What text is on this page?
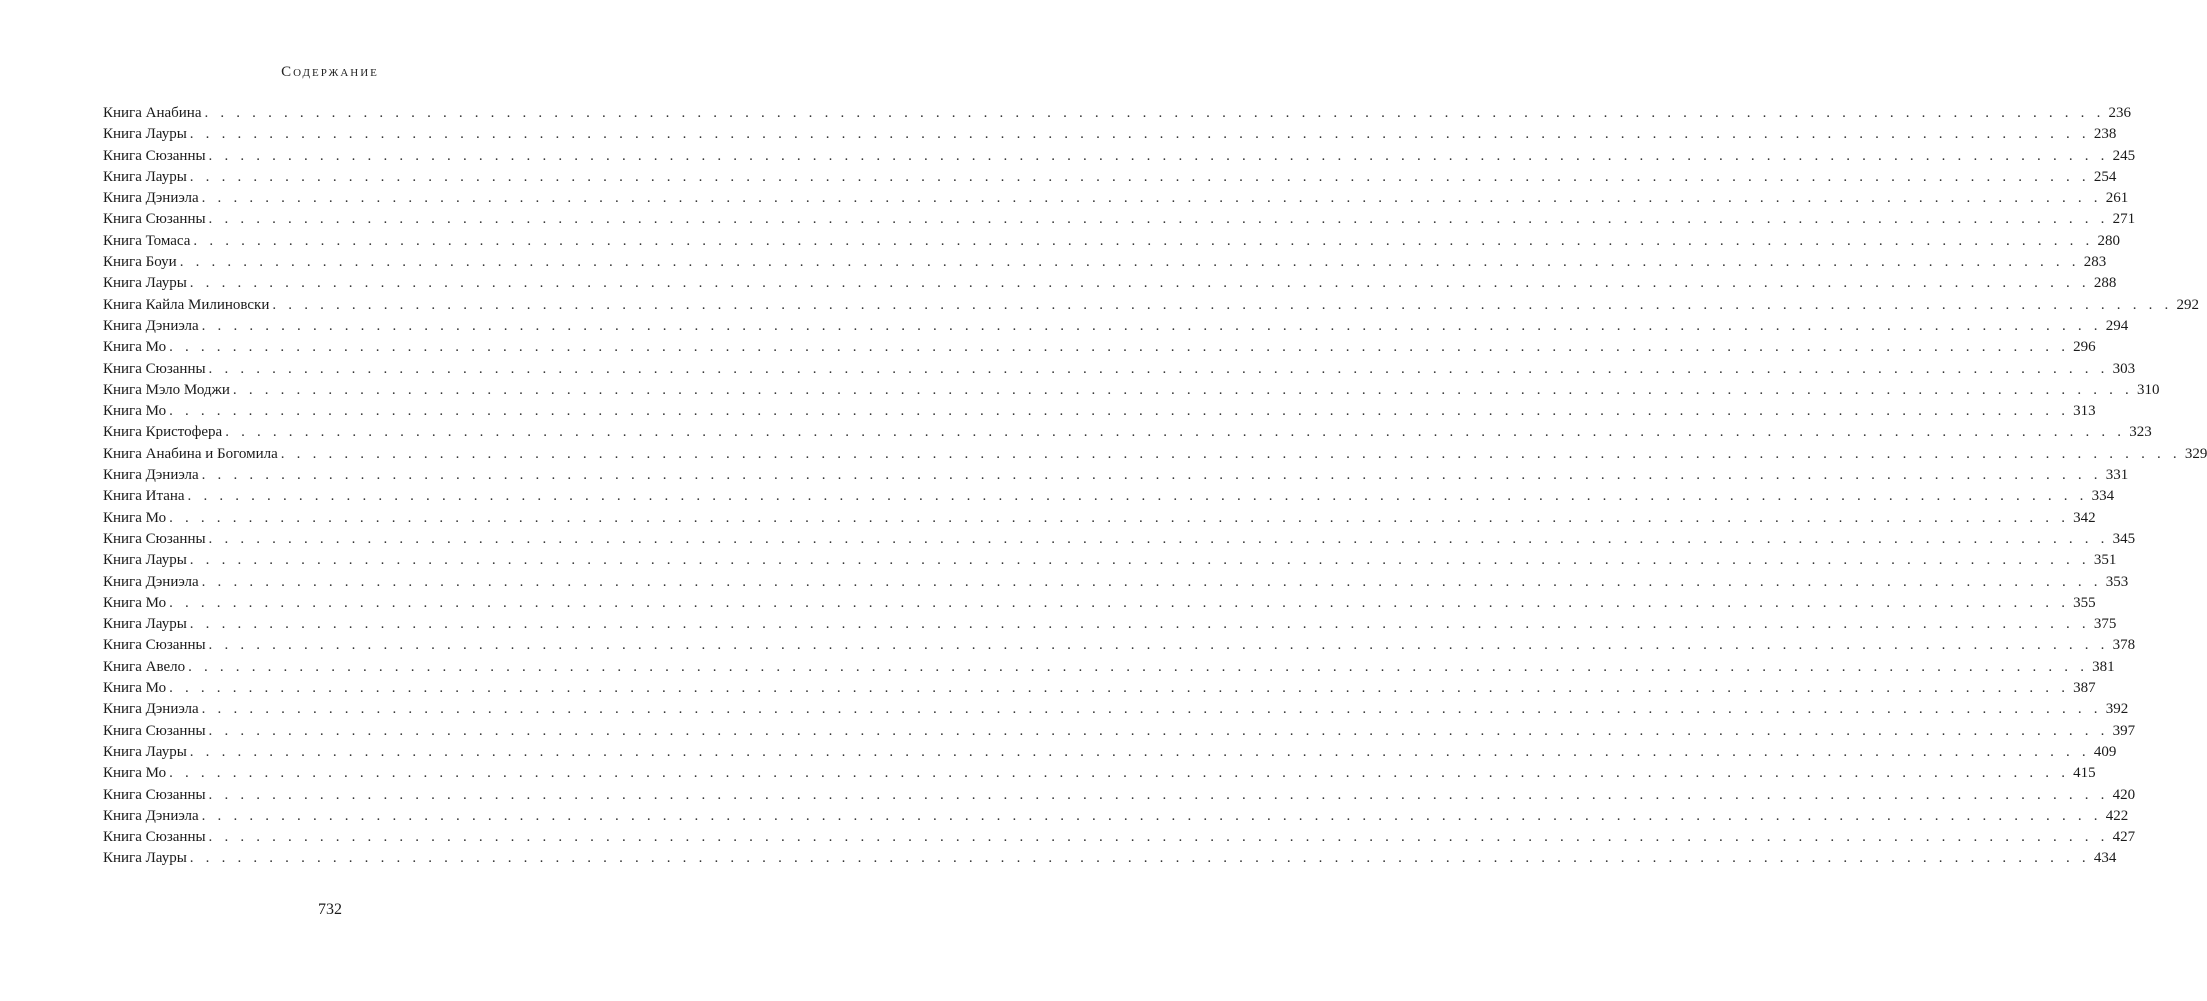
Содержание
Книга Анабина . . . . . . . . . . . . . . . . . . . . . . . . . . . . . . . . . . . . . . . . . . . . . . . . . . . . . . . . . . . . . . . . . . . . . . . . . . . . . . . . . . . . . . . . . . . . . . . . . . . . . . . . . . . . . . . . . . . . . . . . 236
Книга Лауры . . . . . . . . . . . . . . . . . . . . . . . . . . . . . . . . . . . . . . . . . . . . . . . . . . . . . . . . . . . . . . . . . . . . . . . . . . . . . . . . . . . . . . . . . . . . . . . . . . . . . . . . . . . . . . . . . . . . . . . . 238
Книга Сюзанны . . . . . . . . . . . . . . . . . . . . . . . . . . . . . . . . . . . . . . . . . . . . . . . . . . . . . . . . . . . . . . . . . . . . . . . . . . . . . . . . . . . . . . . . . . . . . . . . . . . . . . . . . . . . . . . . . . . . . . . . 245
Книга Лауры . . . . . . . . . . . . . . . . . . . . . . . . . . . . . . . . . . . . . . . . . . . . . . . . . . . . . . . . . . . . . . . . . . . . . . . . . . . . . . . . . . . . . . . . . . . . . . . . . . . . . . . . . . . . . . . . . . . . . . . . 254
Книга Дэниэла . . . . . . . . . . . . . . . . . . . . . . . . . . . . . . . . . . . . . . . . . . . . . . . . . . . . . . . . . . . . . . . . . . . . . . . . . . . . . . . . . . . . . . . . . . . . . . . . . . . . . . . . . . . . . . . . . . . . . . . . 261
Книга Сюзанны . . . . . . . . . . . . . . . . . . . . . . . . . . . . . . . . . . . . . . . . . . . . . . . . . . . . . . . . . . . . . . . . . . . . . . . . . . . . . . . . . . . . . . . . . . . . . . . . . . . . . . . . . . . . . . . . . . . . . . . . 271
Книга Томаса . . . . . . . . . . . . . . . . . . . . . . . . . . . . . . . . . . . . . . . . . . . . . . . . . . . . . . . . . . . . . . . . . . . . . . . . . . . . . . . . . . . . . . . . . . . . . . . . . . . . . . . . . . . . . . . . . . . . . . . . 280
Книга Боуи . . . . . . . . . . . . . . . . . . . . . . . . . . . . . . . . . . . . . . . . . . . . . . . . . . . . . . . . . . . . . . . . . . . . . . . . . . . . . . . . . . . . . . . . . . . . . . . . . . . . . . . . . . . . . . . . . . . . . . . . 283
Книга Лауры . . . . . . . . . . . . . . . . . . . . . . . . . . . . . . . . . . . . . . . . . . . . . . . . . . . . . . . . . . . . . . . . . . . . . . . . . . . . . . . . . . . . . . . . . . . . . . . . . . . . . . . . . . . . . . . . . . . . . . . . 288
Книга Кайла Милиновски . . . . . . . . . . . . . . . . . . . . . . . . . . . . . . . . . . . . . . . . . . . . . . . . . . . . . . . . . . . . . . . . . . . . . . . . . . . . . . . . . . . . . . . . . . . . . . . . . . . . . . . . . . . . . . . . . . . . . . . . 292
Книга Дэниэла . . . . . . . . . . . . . . . . . . . . . . . . . . . . . . . . . . . . . . . . . . . . . . . . . . . . . . . . . . . . . . . . . . . . . . . . . . . . . . . . . . . . . . . . . . . . . . . . . . . . . . . . . . . . . . . . . . . . . . . . 294
Книга Мо . . . . . . . . . . . . . . . . . . . . . . . . . . . . . . . . . . . . . . . . . . . . . . . . . . . . . . . . . . . . . . . . . . . . . . . . . . . . . . . . . . . . . . . . . . . . . . . . . . . . . . . . . . . . . . . . . . . . . . . . 296
Книга Сюзанны . . . . . . . . . . . . . . . . . . . . . . . . . . . . . . . . . . . . . . . . . . . . . . . . . . . . . . . . . . . . . . . . . . . . . . . . . . . . . . . . . . . . . . . . . . . . . . . . . . . . . . . . . . . . . . . . . . . . . . . . 303
Книга Мэло Моджи . . . . . . . . . . . . . . . . . . . . . . . . . . . . . . . . . . . . . . . . . . . . . . . . . . . . . . . . . . . . . . . . . . . . . . . . . . . . . . . . . . . . . . . . . . . . . . . . . . . . . . . . . . . . . . . . . . . . . . . . 310
Книга Мо . . . . . . . . . . . . . . . . . . . . . . . . . . . . . . . . . . . . . . . . . . . . . . . . . . . . . . . . . . . . . . . . . . . . . . . . . . . . . . . . . . . . . . . . . . . . . . . . . . . . . . . . . . . . . . . . . . . . . . . . 313
Книга Кристофера . . . . . . . . . . . . . . . . . . . . . . . . . . . . . . . . . . . . . . . . . . . . . . . . . . . . . . . . . . . . . . . . . . . . . . . . . . . . . . . . . . . . . . . . . . . . . . . . . . . . . . . . . . . . . . . . . . . . . . . . 323
Книга Анабина и Богомила . . . . . . . . . . . . . . . . . . . . . . . . . . . . . . . . . . . . . . . . . . . . . . . . . . . . . . . . . . . . . . . . . . . . . . . . . . . . . . . . . . . . . . . . . . . . . . . . . . . . . . . . . . . . . . . . . . . . . . . . 329
Книга Дэниэла . . . . . . . . . . . . . . . . . . . . . . . . . . . . . . . . . . . . . . . . . . . . . . . . . . . . . . . . . . . . . . . . . . . . . . . . . . . . . . . . . . . . . . . . . . . . . . . . . . . . . . . . . . . . . . . . . . . . . . . . 331
Книга Итана . . . . . . . . . . . . . . . . . . . . . . . . . . . . . . . . . . . . . . . . . . . . . . . . . . . . . . . . . . . . . . . . . . . . . . . . . . . . . . . . . . . . . . . . . . . . . . . . . . . . . . . . . . . . . . . . . . . . . . . . 334
Книга Мо . . . . . . . . . . . . . . . . . . . . . . . . . . . . . . . . . . . . . . . . . . . . . . . . . . . . . . . . . . . . . . . . . . . . . . . . . . . . . . . . . . . . . . . . . . . . . . . . . . . . . . . . . . . . . . . . . . . . . . . . 342
Книга Сюзанны . . . . . . . . . . . . . . . . . . . . . . . . . . . . . . . . . . . . . . . . . . . . . . . . . . . . . . . . . . . . . . . . . . . . . . . . . . . . . . . . . . . . . . . . . . . . . . . . . . . . . . . . . . . . . . . . . . . . . . . . 345
Книга Лауры . . . . . . . . . . . . . . . . . . . . . . . . . . . . . . . . . . . . . . . . . . . . . . . . . . . . . . . . . . . . . . . . . . . . . . . . . . . . . . . . . . . . . . . . . . . . . . . . . . . . . . . . . . . . . . . . . . . . . . . . 351
Книга Дэниэла . . . . . . . . . . . . . . . . . . . . . . . . . . . . . . . . . . . . . . . . . . . . . . . . . . . . . . . . . . . . . . . . . . . . . . . . . . . . . . . . . . . . . . . . . . . . . . . . . . . . . . . . . . . . . . . . . . . . . . . . 353
Книга Мо . . . . . . . . . . . . . . . . . . . . . . . . . . . . . . . . . . . . . . . . . . . . . . . . . . . . . . . . . . . . . . . . . . . . . . . . . . . . . . . . . . . . . . . . . . . . . . . . . . . . . . . . . . . . . . . . . . . . . . . . 355
Книга Лауры . . . . . . . . . . . . . . . . . . . . . . . . . . . . . . . . . . . . . . . . . . . . . . . . . . . . . . . . . . . . . . . . . . . . . . . . . . . . . . . . . . . . . . . . . . . . . . . . . . . . . . . . . . . . . . . . . . . . . . . . 375
Книга Сюзанны . . . . . . . . . . . . . . . . . . . . . . . . . . . . . . . . . . . . . . . . . . . . . . . . . . . . . . . . . . . . . . . . . . . . . . . . . . . . . . . . . . . . . . . . . . . . . . . . . . . . . . . . . . . . . . . . . . . . . . . . 378
Книга Авело . . . . . . . . . . . . . . . . . . . . . . . . . . . . . . . . . . . . . . . . . . . . . . . . . . . . . . . . . . . . . . . . . . . . . . . . . . . . . . . . . . . . . . . . . . . . . . . . . . . . . . . . . . . . . . . . . . . . . . . . 381
Книга Мо . . . . . . . . . . . . . . . . . . . . . . . . . . . . . . . . . . . . . . . . . . . . . . . . . . . . . . . . . . . . . . . . . . . . . . . . . . . . . . . . . . . . . . . . . . . . . . . . . . . . . . . . . . . . . . . . . . . . . . . . 387
Книга Дэниэла . . . . . . . . . . . . . . . . . . . . . . . . . . . . . . . . . . . . . . . . . . . . . . . . . . . . . . . . . . . . . . . . . . . . . . . . . . . . . . . . . . . . . . . . . . . . . . . . . . . . . . . . . . . . . . . . . . . . . . . . 392
Книга Сюзанны . . . . . . . . . . . . . . . . . . . . . . . . . . . . . . . . . . . . . . . . . . . . . . . . . . . . . . . . . . . . . . . . . . . . . . . . . . . . . . . . . . . . . . . . . . . . . . . . . . . . . . . . . . . . . . . . . . . . . . . . 397
Книга Лауры . . . . . . . . . . . . . . . . . . . . . . . . . . . . . . . . . . . . . . . . . . . . . . . . . . . . . . . . . . . . . . . . . . . . . . . . . . . . . . . . . . . . . . . . . . . . . . . . . . . . . . . . . . . . . . . . . . . . . . . . 409
Книга Мо . . . . . . . . . . . . . . . . . . . . . . . . . . . . . . . . . . . . . . . . . . . . . . . . . . . . . . . . . . . . . . . . . . . . . . . . . . . . . . . . . . . . . . . . . . . . . . . . . . . . . . . . . . . . . . . . . . . . . . . . 415
Книга Сюзанны . . . . . . . . . . . . . . . . . . . . . . . . . . . . . . . . . . . . . . . . . . . . . . . . . . . . . . . . . . . . . . . . . . . . . . . . . . . . . . . . . . . . . . . . . . . . . . . . . . . . . . . . . . . . . . . . . . . . . . . . 420
Книга Дэниэла . . . . . . . . . . . . . . . . . . . . . . . . . . . . . . . . . . . . . . . . . . . . . . . . . . . . . . . . . . . . . . . . . . . . . . . . . . . . . . . . . . . . . . . . . . . . . . . . . . . . . . . . . . . . . . . . . . . . . . . . 422
Книга Сюзанны . . . . . . . . . . . . . . . . . . . . . . . . . . . . . . . . . . . . . . . . . . . . . . . . . . . . . . . . . . . . . . . . . . . . . . . . . . . . . . . . . . . . . . . . . . . . . . . . . . . . . . . . . . . . . . . . . . . . . . . . 427
Книга Лауры . . . . . . . . . . . . . . . . . . . . . . . . . . . . . . . . . . . . . . . . . . . . . . . . . . . . . . . . . . . . . . . . . . . . . . . . . . . . . . . . . . . . . . . . . . . . . . . . . . . . . . . . . . . . . . . . . . . . . . . . 434
732
